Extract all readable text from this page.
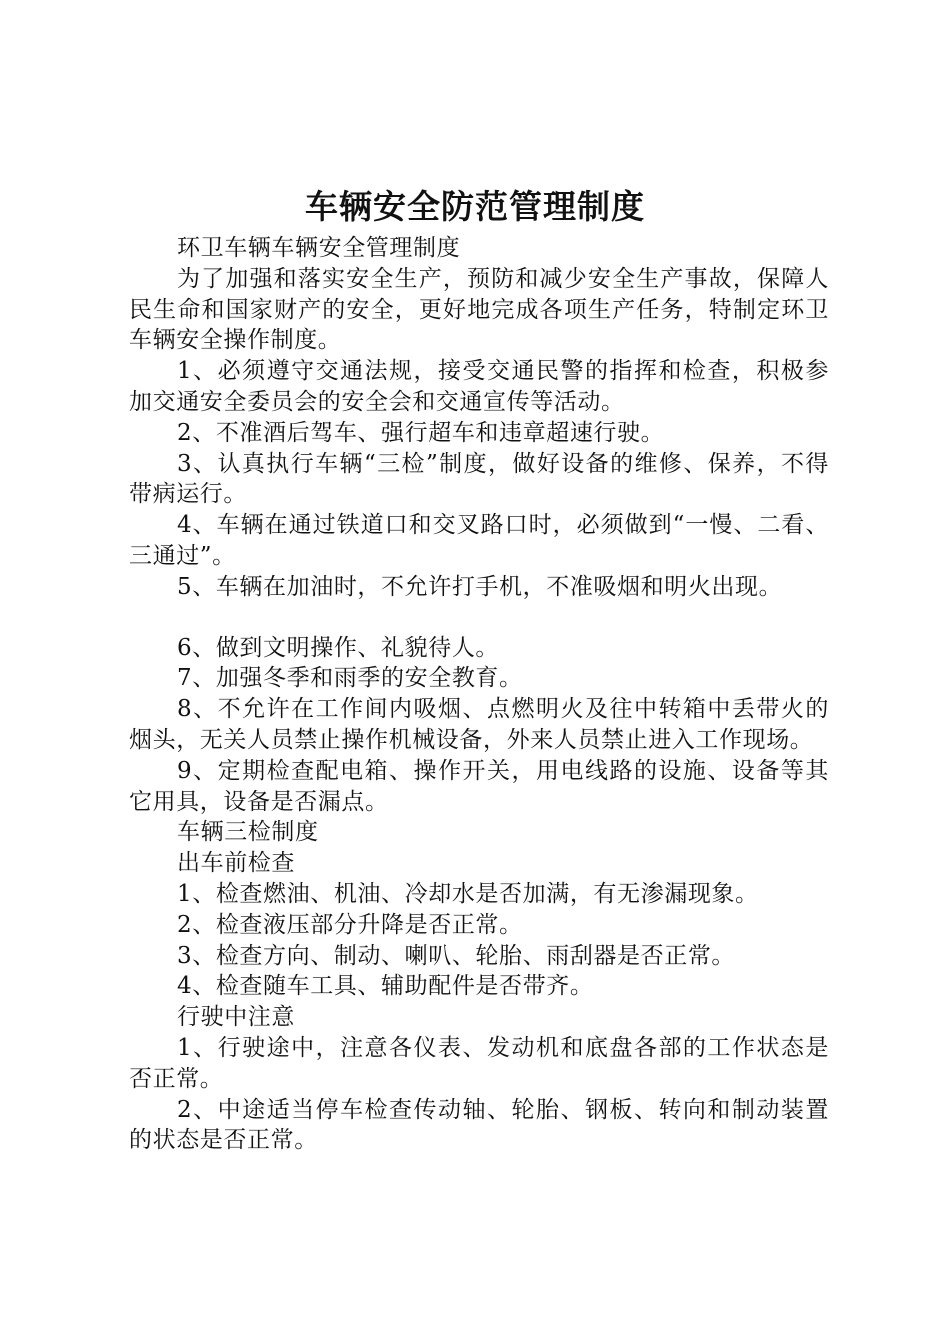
车辆安全防范管理制度

环卫车辆车辆安全管理制度

为了加强和落实安全生产，预防和减少安全生产事故，保障人民生命和国家财产的安全，更好地完成各项生产任务，特制定环卫车辆安全操作制度。

1、必须遵守交通法规，接受交通民警的指挥和检查，积极参加交通安全委员会的安全会和交通宣传等活动。

2、不准酒后驾车、强行超车和违章超速行驶。

3、认真执行车辆“三检”制度，做好设备的维修、保养，不得带病运行。

4、车辆在通过铁道口和交叉路口时，必须做到“一慢、二看、三通过”。

5、车辆在加油时，不允许打手机，不准吸烟和明火出现。

6、做到文明操作、礼貌待人。

7、加强冬季和雨季的安全教育。

8、不允许在工作间内吸烟、点燃明火及往中转箱中丢带火的烟头，无关人员禁止操作机械设备，外来人员禁止进入工作现场。

9、定期检查配电箱、操作开关，用电线路的设施、设备等其它用具，设备是否漏点。

车辆三检制度

出车前检查

1、检查燃油、机油、冷却水是否加满，有无渗漏现象。

2、检查液压部分升降是否正常。

3、检查方向、制动、喇叭、轮胎、雨刮器是否正常。

4、检查随车工具、辅助配件是否带齐。

行驶中注意

1、行驶途中，注意各仪表、发动机和底盘各部的工作状态是否正常。

2、中途适当停车检查传动轴、轮胎、钢板、转向和制动装置的状态是否正常。
